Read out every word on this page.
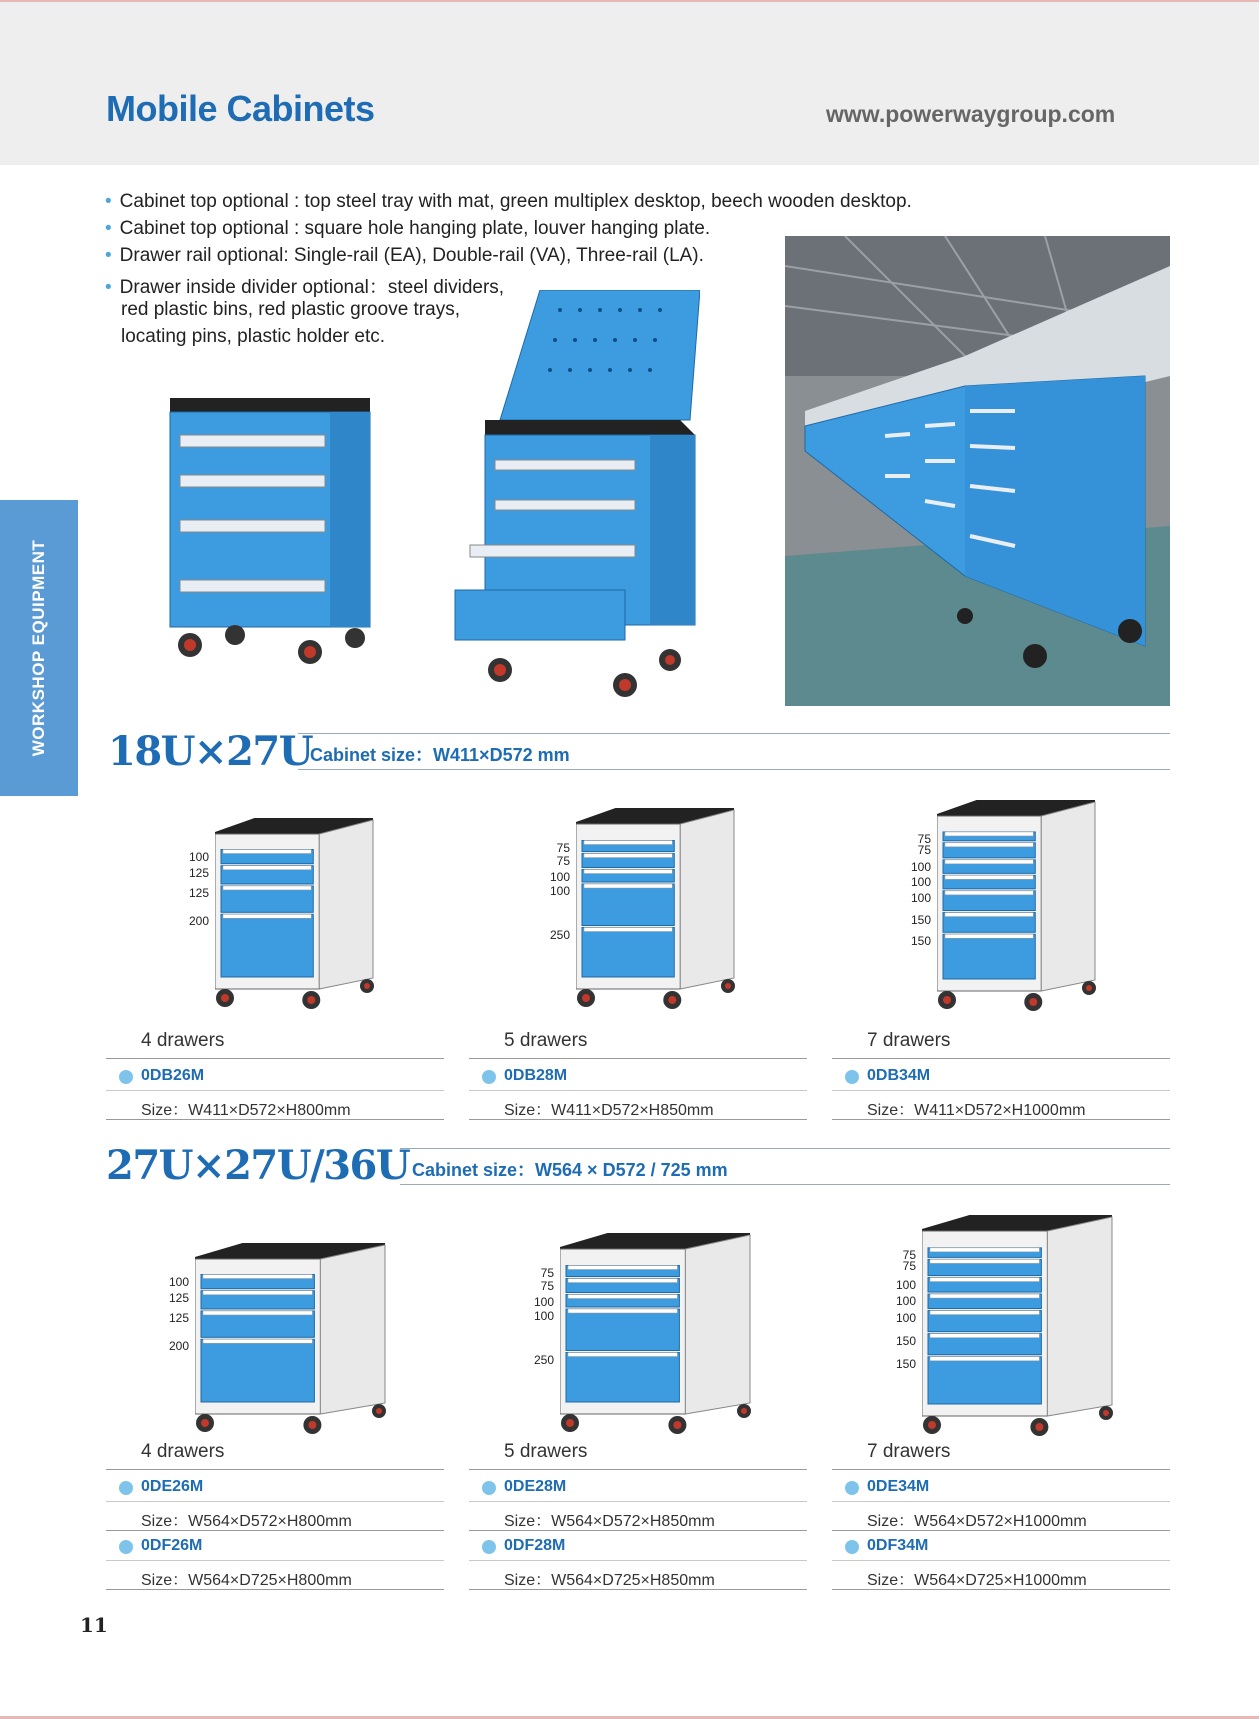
Mobile Cabinets	www.powerwaygroup.com
WORKSHOP EQUIPMENT
• Cabinet top optional : top steel tray with mat, green multiplex desktop, beech wooden desktop.
• Cabinet top optional : square hole hanging plate, louver hanging plate.
• Drawer rail optional: Single-rail (EA), Double-rail (VA), Three-rail (LA).
• Drawer inside divider optional：steel dividers,
red plastic bins, red plastic groove trays,
locating pins, plastic holder etc.
18U×27U
Cabinet size：W411×D572 mm
100
125
125
200
4 drawers
0DB26M
Size：W411×D572×H800mm
75
75
100
100
250
5 drawers
0DB28M
Size：W411×D572×H850mm
75
75
100
100
100
150
150
7 drawers
0DB34M
Size：W411×D572×H1000mm
27U×27U/36U Cabinet size：W564 × D572 / 725 mm
100
125
125
200
4 drawers
0DE26M
Size：W564×D572×H800mm
0DF26M
Size：W564×D725×H800mm
75
75
100
100
250
5 drawers
0DE28M
Size：W564×D572×H850mm
0DF28M
Size：W564×D725×H850mm
75
75
100
100
100
150
150
7 drawers
0DE34M
Size：W564×D572×H1000mm
0DF34M
Size：W564×D725×H1000mm
11
